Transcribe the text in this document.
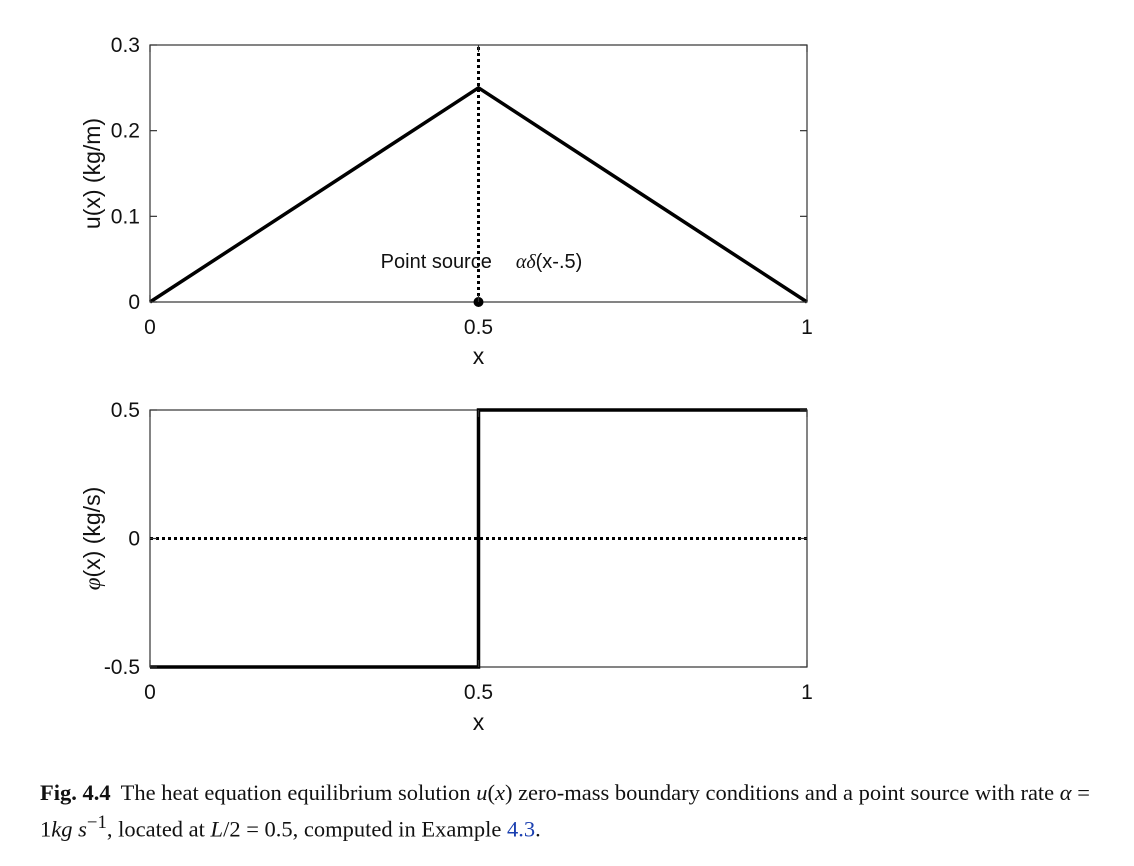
0	0.5	1
0
0.1
0.2
0.3
x
u(x) (kg/m)
Point source αδ(x-.5)
0	0.5	1
-0.5
0
0.5
x
φ(x) (kg/s)
Fig. 4.4 The heat equation equilibrium solution u(x) zero-mass boundary conditions and a point source with rate α = 1kg $s^{-1}$, located at L/2 = 0.5, computed in Example 4.3.
